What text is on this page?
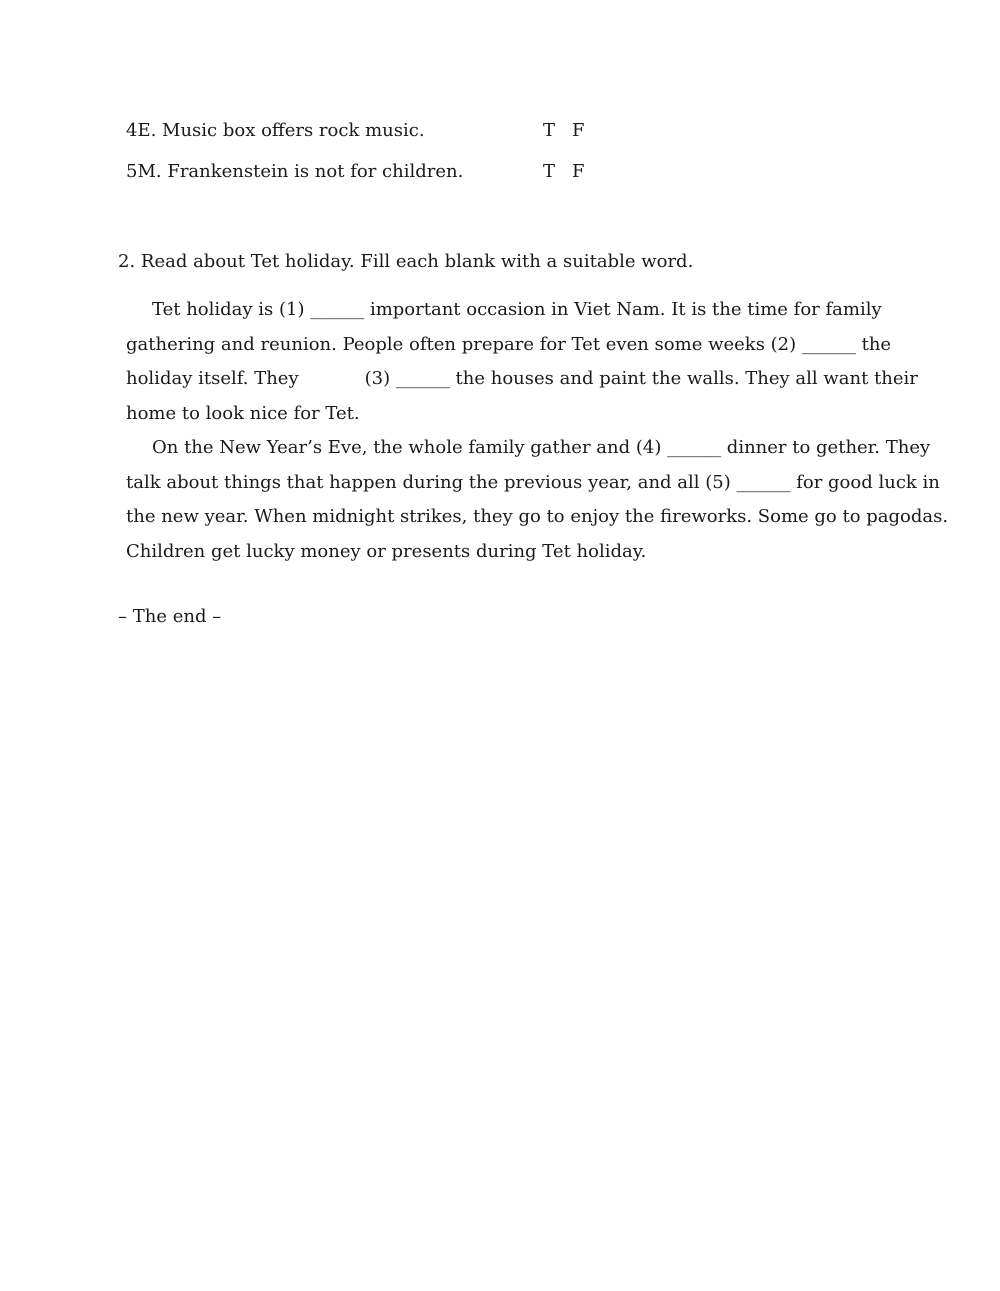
4E. Music box offers rock music.	T F
5M. Frankenstein is not for children.	T F
2. Read about Tet holiday. Fill each blank with a suitable word.
Tet holiday is (1) ______ important occasion in Viet Nam. It is the time for family
gathering and reunion. People often prepare for Tet even some weeks (2) ______ the
holiday itself. They	(3) ______ the houses and paint the walls. They all want their
home to look nice for Tet.
On the New Year’s Eve, the whole family gather and (4) ______ dinner to gether. They
talk about things that happen during the previous year, and all (5) ______ for good luck in
the new year. When midnight strikes, they go to enjoy the fireworks. Some go to pagodas.
Children get lucky money or presents during Tet holiday.
– The end –
